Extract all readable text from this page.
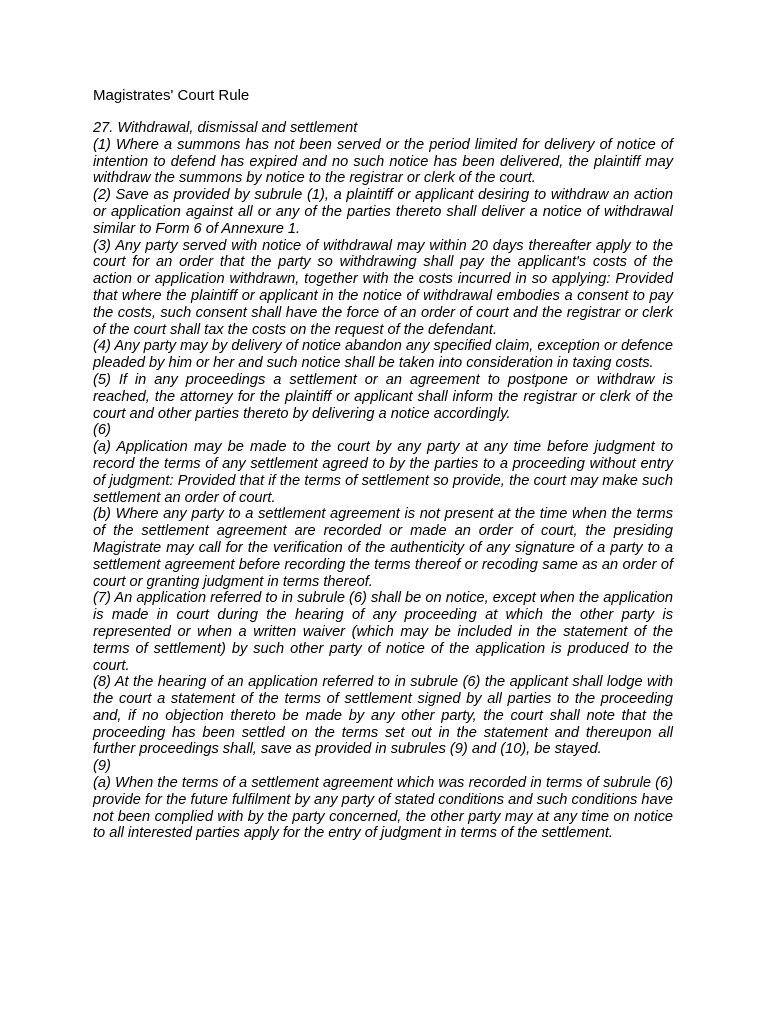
Magistrates' Court Rule

27. Withdrawal, dismissal and settlement

(1) Where a summons has not been served or the period limited for delivery of notice of intention to defend has expired and no such notice has been delivered, the plaintiff may withdraw the summons by notice to the registrar or clerk of the court.

(2) Save as provided by subrule (1), a plaintiff or applicant desiring to withdraw an action or application against all or any of the parties thereto shall deliver a notice of withdrawal similar to Form 6 of Annexure 1.

(3) Any party served with notice of withdrawal may within 20 days thereafter apply to the court for an order that the party so withdrawing shall pay the applicant's costs of the action or application withdrawn, together with the costs incurred in so applying: Provided that where the plaintiff or applicant in the notice of withdrawal embodies a consent to pay the costs, such consent shall have the force of an order of court and the registrar or clerk of the court shall tax the costs on the request of the defendant.

(4) Any party may by delivery of notice abandon any specified claim, exception or defence pleaded by him or her and such notice shall be taken into consideration in taxing costs.

(5) If in any proceedings a settlement or an agreement to postpone or withdraw is reached, the attorney for the plaintiff or applicant shall inform the registrar or clerk of the court and other parties thereto by delivering a notice accordingly.

(6)

(a) Application may be made to the court by any party at any time before judgment to record the terms of any settlement agreed to by the parties to a proceeding without entry of judgment: Provided that if the terms of settlement so provide, the court may make such settlement an order of court.

(b) Where any party to a settlement agreement is not present at the time when the terms of the settlement agreement are recorded or made an order of court, the presiding Magistrate may call for the verification of the authenticity of any signature of a party to a settlement agreement before recording the terms thereof or recoding same as an order of court or granting judgment in terms thereof.

(7) An application referred to in subrule (6) shall be on notice, except when the application is made in court during the hearing of any proceeding at which the other party is represented or when a written waiver (which may be included in the statement of the terms of settlement) by such other party of notice of the application is produced to the court.

(8) At the hearing of an application referred to in subrule (6) the applicant shall lodge with the court a statement of the terms of settlement signed by all parties to the proceeding and, if no objection thereto be made by any other party, the court shall note that the proceeding has been settled on the terms set out in the statement and thereupon all further proceedings shall, save as provided in subrules (9) and (10), be stayed.

(9)

(a) When the terms of a settlement agreement which was recorded in terms of subrule (6) provide for the future fulfilment by any party of stated conditions and such conditions have not been complied with by the party concerned, the other party may at any time on notice to all interested parties apply for the entry of judgment in terms of the settlement.
